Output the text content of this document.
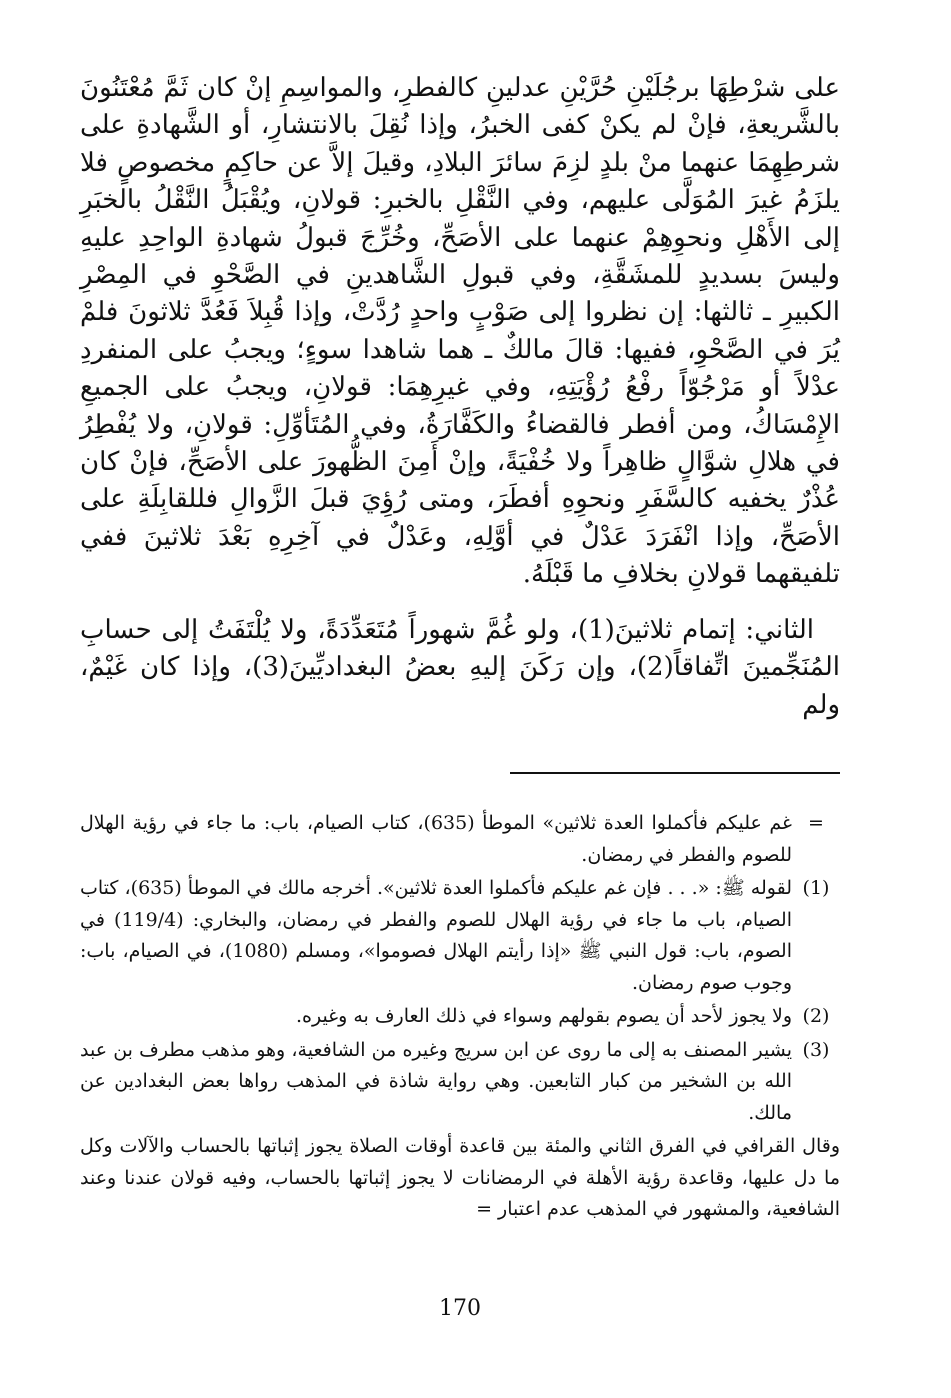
على شرْطِهَا برجُلَيْنِ حُرَّيْنِ عدلينِ كالفطرِ، والمواسِمِ إنْ كان ثَمَّ مُعْتَنُونَ بالشَّريعةِ، فإنْ لم يكنْ كفى الخبرُ، وإذا نُقِلَ بالانتشارِ، أو الشَّهادةِ على شرطِهِمَا عنهما منْ بلدٍ لزِمَ سائرَ البلادِ، وقيلَ إلاَّ عن حاكِمٍ مخصوصٍ فلا يلزَمُ غيرَ المُوَلَّى عليهم، وفي النَّقْلِ بالخبرِ: قولانِ، ويُقْبَلُ النَّقْلُ بالخبَرِ إلى الأَهْلِ ونحوِهِمْ عنهما على الأصَحِّ، وخُرِّجَ قبولُ شهادةِ الواحِدِ عليهِ وليسَ بسديدٍ للمشَقَّةِ، وفي قبولِ الشَّاهدينِ في الصَّحْوِ في المِصْرِ الكبيرِ ـ ثالثها: إن نظروا إلى صَوْبٍ واحدٍ رُدَّتْ، وإذا قُبِلاَ فَعُدَّ ثلاثونَ فلمْ يُرَ في الصَّحْوِ، ففيها: قالَ مالكٌ ـ هما شاهدا سوءٍ؛ ويجبُ على المنفردِ عدْلاً أو مَرْجُوّاً رفْعُ رُؤْيَتِهِ، وفي غيرِهِمَا: قولانِ، ويجبُ على الجميعِ الإِمْسَاكُ، ومن أفطر فالقضاءُ والكَفَّارَةُ، وفي المُتَأوِّلِ: قولانِ، ولا يُفْطِرُ في هلالِ شوَّالٍ ظاهِراً ولا خُفْيَةً، وإنْ أَمِنَ الظُّهورَ على الأصَحِّ، فإنْ كان عُذْرٌ يخفيه كالسَّفَرِ ونحوِهِ أفطَرَ، ومتى رُؤِيَ قبلَ الزَّوالِ فللقابِلَةِ على الأصَحِّ، وإذا انْفَرَدَ عَدْلٌ في أوَّلِهِ، وعَدْلٌ في آخِرِهِ بَعْدَ ثلاثينَ ففي تلفيقهما قولانِ بخلافِ ما قَبْلَهُ.

الثاني: إتمام ثلاثينَ(1)، ولو غُمَّ شهوراً مُتَعَدِّدَةً، ولا يُلْتَفَتُ إلى حسابِ المُنَجِّمينَ اتِّفاقاً(2)، وإن رَكَنَ إليهِ بعضُ البغداديِّينَ(3)، وإذا كان غَيْمٌ، ولم

=

غم عليكم فأكملوا العدة ثلاثين» الموطأ (635)، كتاب الصيام، باب: ما جاء في رؤية الهلال للصوم والفطر في رمضان.

(1)

لقوله ﷺ: «. . . فإن غم عليكم فأكملوا العدة ثلاثين». أخرجه مالك في الموطأ (635)، كتاب الصيام، باب ما جاء في رؤية الهلال للصوم والفطر في رمضان، والبخاري: (119/4) في الصوم، باب: قول النبي ﷺ «إذا رأيتم الهلال فصوموا»، ومسلم (1080)، في الصيام، باب: وجوب صوم رمضان.

(2)

ولا يجوز لأحد أن يصوم بقولهم وسواء في ذلك العارف به وغيره.

(3)

يشير المصنف به إلى ما روى عن ابن سريج وغيره من الشافعية، وهو مذهب مطرف بن عبد الله بن الشخير من كبار التابعين. وهي رواية شاذة في المذهب رواها بعض البغدادين عن مالك.

وقال القرافي في الفرق الثاني والمئة بين قاعدة أوقات الصلاة يجوز إثباتها بالحساب والآلات وكل ما دل عليها، وقاعدة رؤية الأهلة في الرمضانات لا يجوز إثباتها بالحساب، وفيه قولان عندنا وعند الشافعية، والمشهور في المذهب عدم اعتبار =

170
